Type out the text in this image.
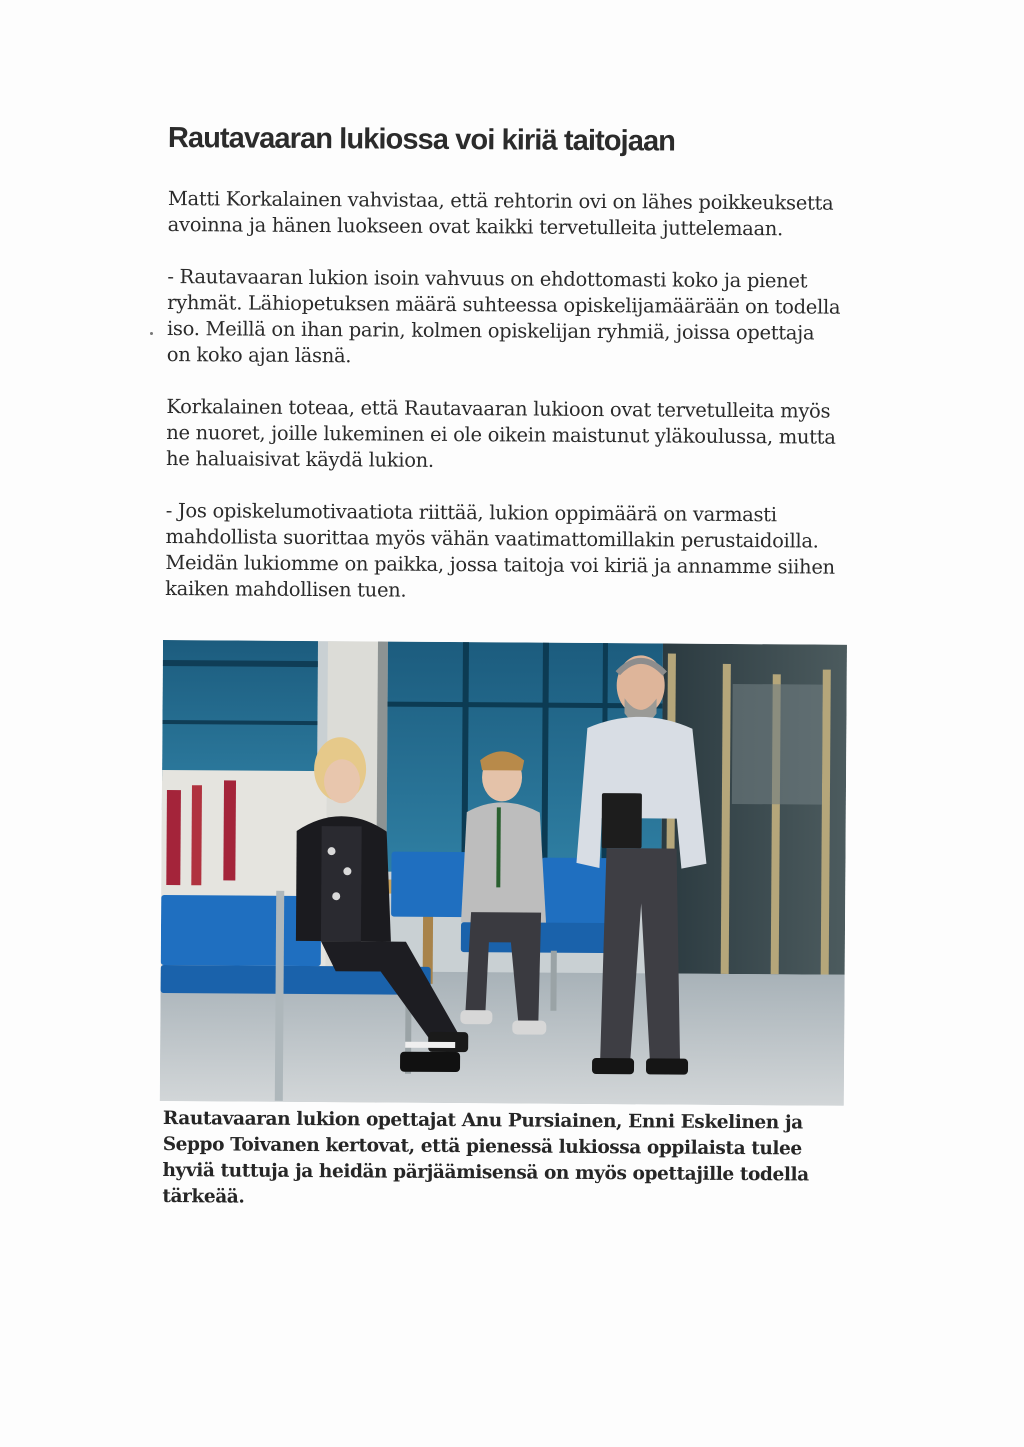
Rautavaaran lukiossa voi kiriä taitojaan

Matti Korkalainen vahvistaa, että rehtorin ovi on lähes poikkeuksetta
avoinna ja hänen luokseen ovat kaikki tervetulleita juttelemaan.

- Rautavaaran lukion isoin vahvuus on ehdottomasti koko ja pienet
ryhmät. Lähiopetuksen määrä suhteessa opiskelijamäärään on todella
iso. Meillä on ihan parin, kolmen opiskelijan ryhmiä, joissa opettaja
on koko ajan läsnä.

Korkalainen toteaa, että Rautavaaran lukioon ovat tervetulleita myös
ne nuoret, joille lukeminen ei ole oikein maistunut yläkoulussa, mutta
he haluaisivat käydä lukion.

- Jos opiskelumotivaatiota riittää, lukion oppimäärä on varmasti
mahdollista suorittaa myös vähän vaatimattomillakin perustaidoilla.
Meidän lukiomme on paikka, jossa taitoja voi kiriä ja annamme siihen
kaiken mahdollisen tuen.

Rautavaaran lukion opettajat Anu Pursiainen, Enni Eskelinen ja
Seppo Toivanen kertovat, että pienessä lukiossa oppilaista tulee
hyviä tuttuja ja heidän pärjäämisensä on myös opettajille todella
tärkeää.
